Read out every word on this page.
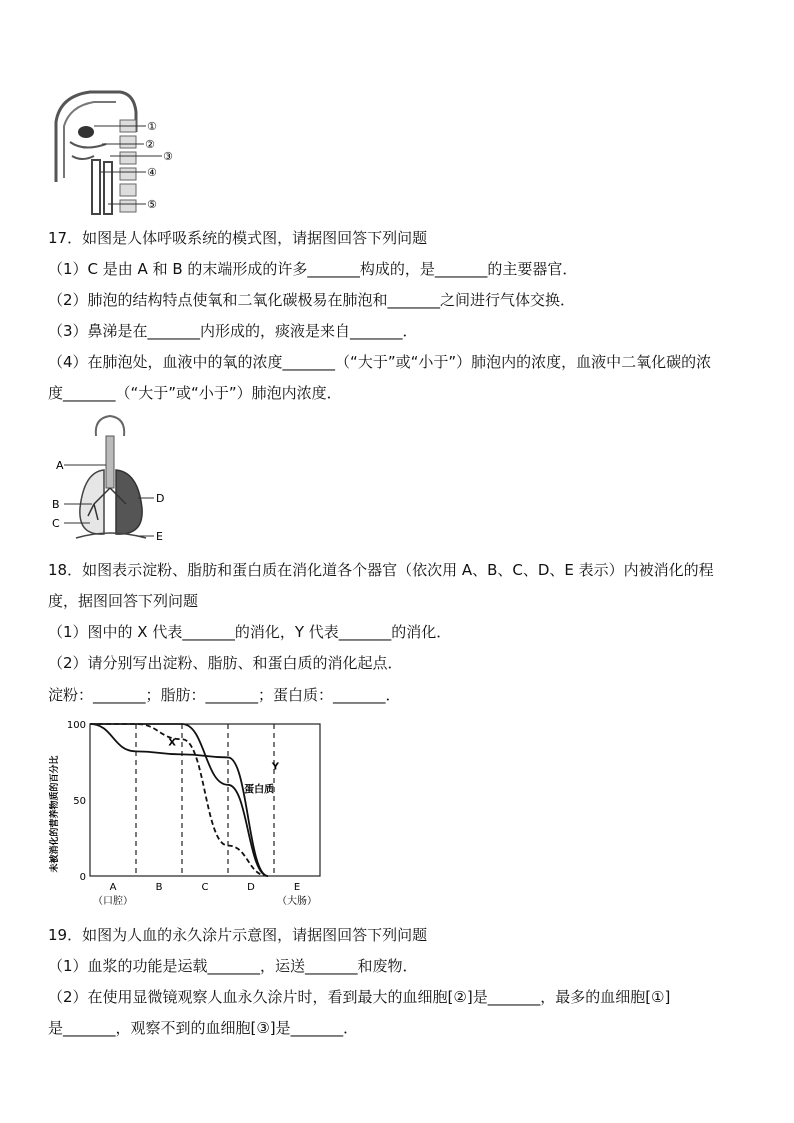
①
②
③
④
⑤
17．如图是人体呼吸系统的模式图，请据图回答下列问题
（1）C 是由 A 和 B 的末端形成的许多_______构成的，是_______的主要器官．
（2）肺泡的结构特点使氧和二氧化碳极易在肺泡和_______之间进行气体交换．
（3）鼻涕是在_______内形成的，痰液是来自_______．
（4）在肺泡处，血液中的氧的浓度_______（“大于”或“小于”）肺泡内的浓度，血液中二氧化碳的浓
度_______（“大于”或“小于”）肺泡内浓度．
A
B
C
D
E
18．如图表示淀粉、脂肪和蛋白质在消化道各个器官（依次用 A、B、C、D、E 表示）内被消化的程
度，据图回答下列问题
（1）图中的 X 代表_______的消化，Y 代表_______的消化．
（2）请分别写出淀粉、脂肪、和蛋白质的消化起点．
淀粉：_______；脂肪：_______；蛋白质：_______．
未被消化的营养物质的百分比
100
50
0
X
蛋白质
Y
A
（口腔）
B	C	D	E
（大肠）
19．如图为人血的永久涂片示意图，请据图回答下列问题
（1）血浆的功能是运载_______，运送_______和废物．
（2）在使用显微镜观察人血永久涂片时，看到最大的血细胞[②]是_______，最多的血细胞[①]
是_______，观察不到的血细胞[③]是_______．
